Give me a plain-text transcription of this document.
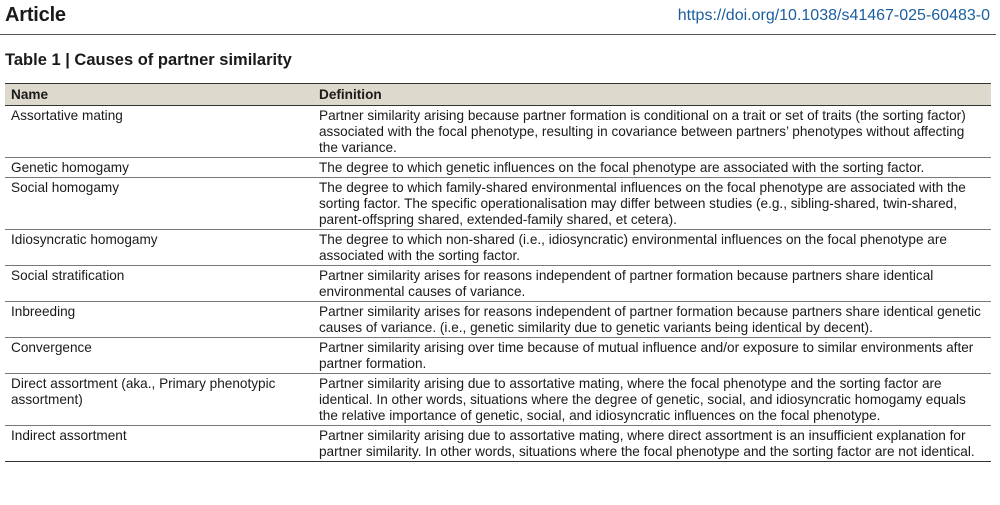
Article	https://doi.org/10.1038/s41467-025-60483-0
Table 1 | Causes of partner similarity
Name	Definition
Assortative mating	Partner similarity arising because partner formation is conditional on a trait or set of traits (the sorting factor) associated with the focal phenotype, resulting in covariance between partners’ phenotypes without affecting the variance.
Genetic homogamy	The degree to which genetic influences on the focal phenotype are associated with the sorting factor.
Social homogamy	The degree to which family-shared environmental influences on the focal phenotype are associated with the sorting factor. The specific operationalisation may differ between studies (e.g., sibling-shared, twin-shared, parent-offspring shared, extended-family shared, et cetera).
Idiosyncratic homogamy	The degree to which non-shared (i.e., idiosyncratic) environmental influences on the focal phenotype are associated with the sorting factor.
Social stratification	Partner similarity arises for reasons independent of partner formation because partners share identical environmental causes of variance.
Inbreeding	Partner similarity arises for reasons independent of partner formation because partners share identical genetic causes of variance. (i.e., genetic similarity due to genetic variants being identical by decent).
Convergence	Partner similarity arising over time because of mutual influence and/or exposure to similar environments after partner formation.
Direct assortment (aka., Primary phenotypic assortment)	Partner similarity arising due to assortative mating, where the focal phenotype and the sorting factor are identical. In other words, situations where the degree of genetic, social, and idiosyncratic homogamy equals the relative importance of genetic, social, and idiosyncratic influences on the focal phenotype.
Indirect assortment	Partner similarity arising due to assortative mating, where direct assortment is an insufficient explanation for partner similarity. In other words, situations where the focal phenotype and the sorting factor are not identical.
